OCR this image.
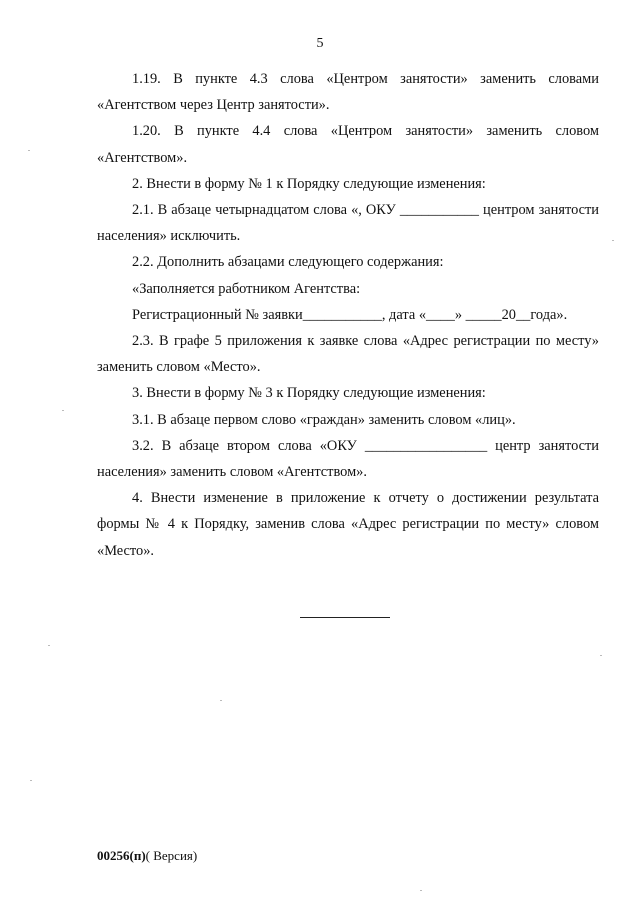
5

1.19. В пункте 4.3 слова «Центром занятости» заменить словами «Агентством через Центр занятости».

1.20. В пункте 4.4 слова «Центром занятости» заменить словом «Агентством».

2. Внести в форму № 1 к Порядку следующие изменения:

2.1. В абзаце четырнадцатом слова «, ОКУ ___________ центром занятости населения» исключить.

2.2. Дополнить абзацами следующего содержания:

«Заполняется работником Агентства:

Регистрационный № заявки___________, дата «____» _____20__года».

2.3. В графе 5 приложения к заявке слова «Адрес регистрации по месту» заменить словом «Место».

3. Внести в форму № 3 к Порядку следующие изменения:

3.1. В абзаце первом слово «граждан» заменить словом «лиц».

3.2. В абзаце втором слова «ОКУ _________________ центр занятости населения» заменить словом «Агентством».

4. Внести изменение в приложение к отчету о достижении результата формы № 4 к Порядку, заменив слова «Адрес регистрации по месту» словом «Место».

00256(п)( Версия)
